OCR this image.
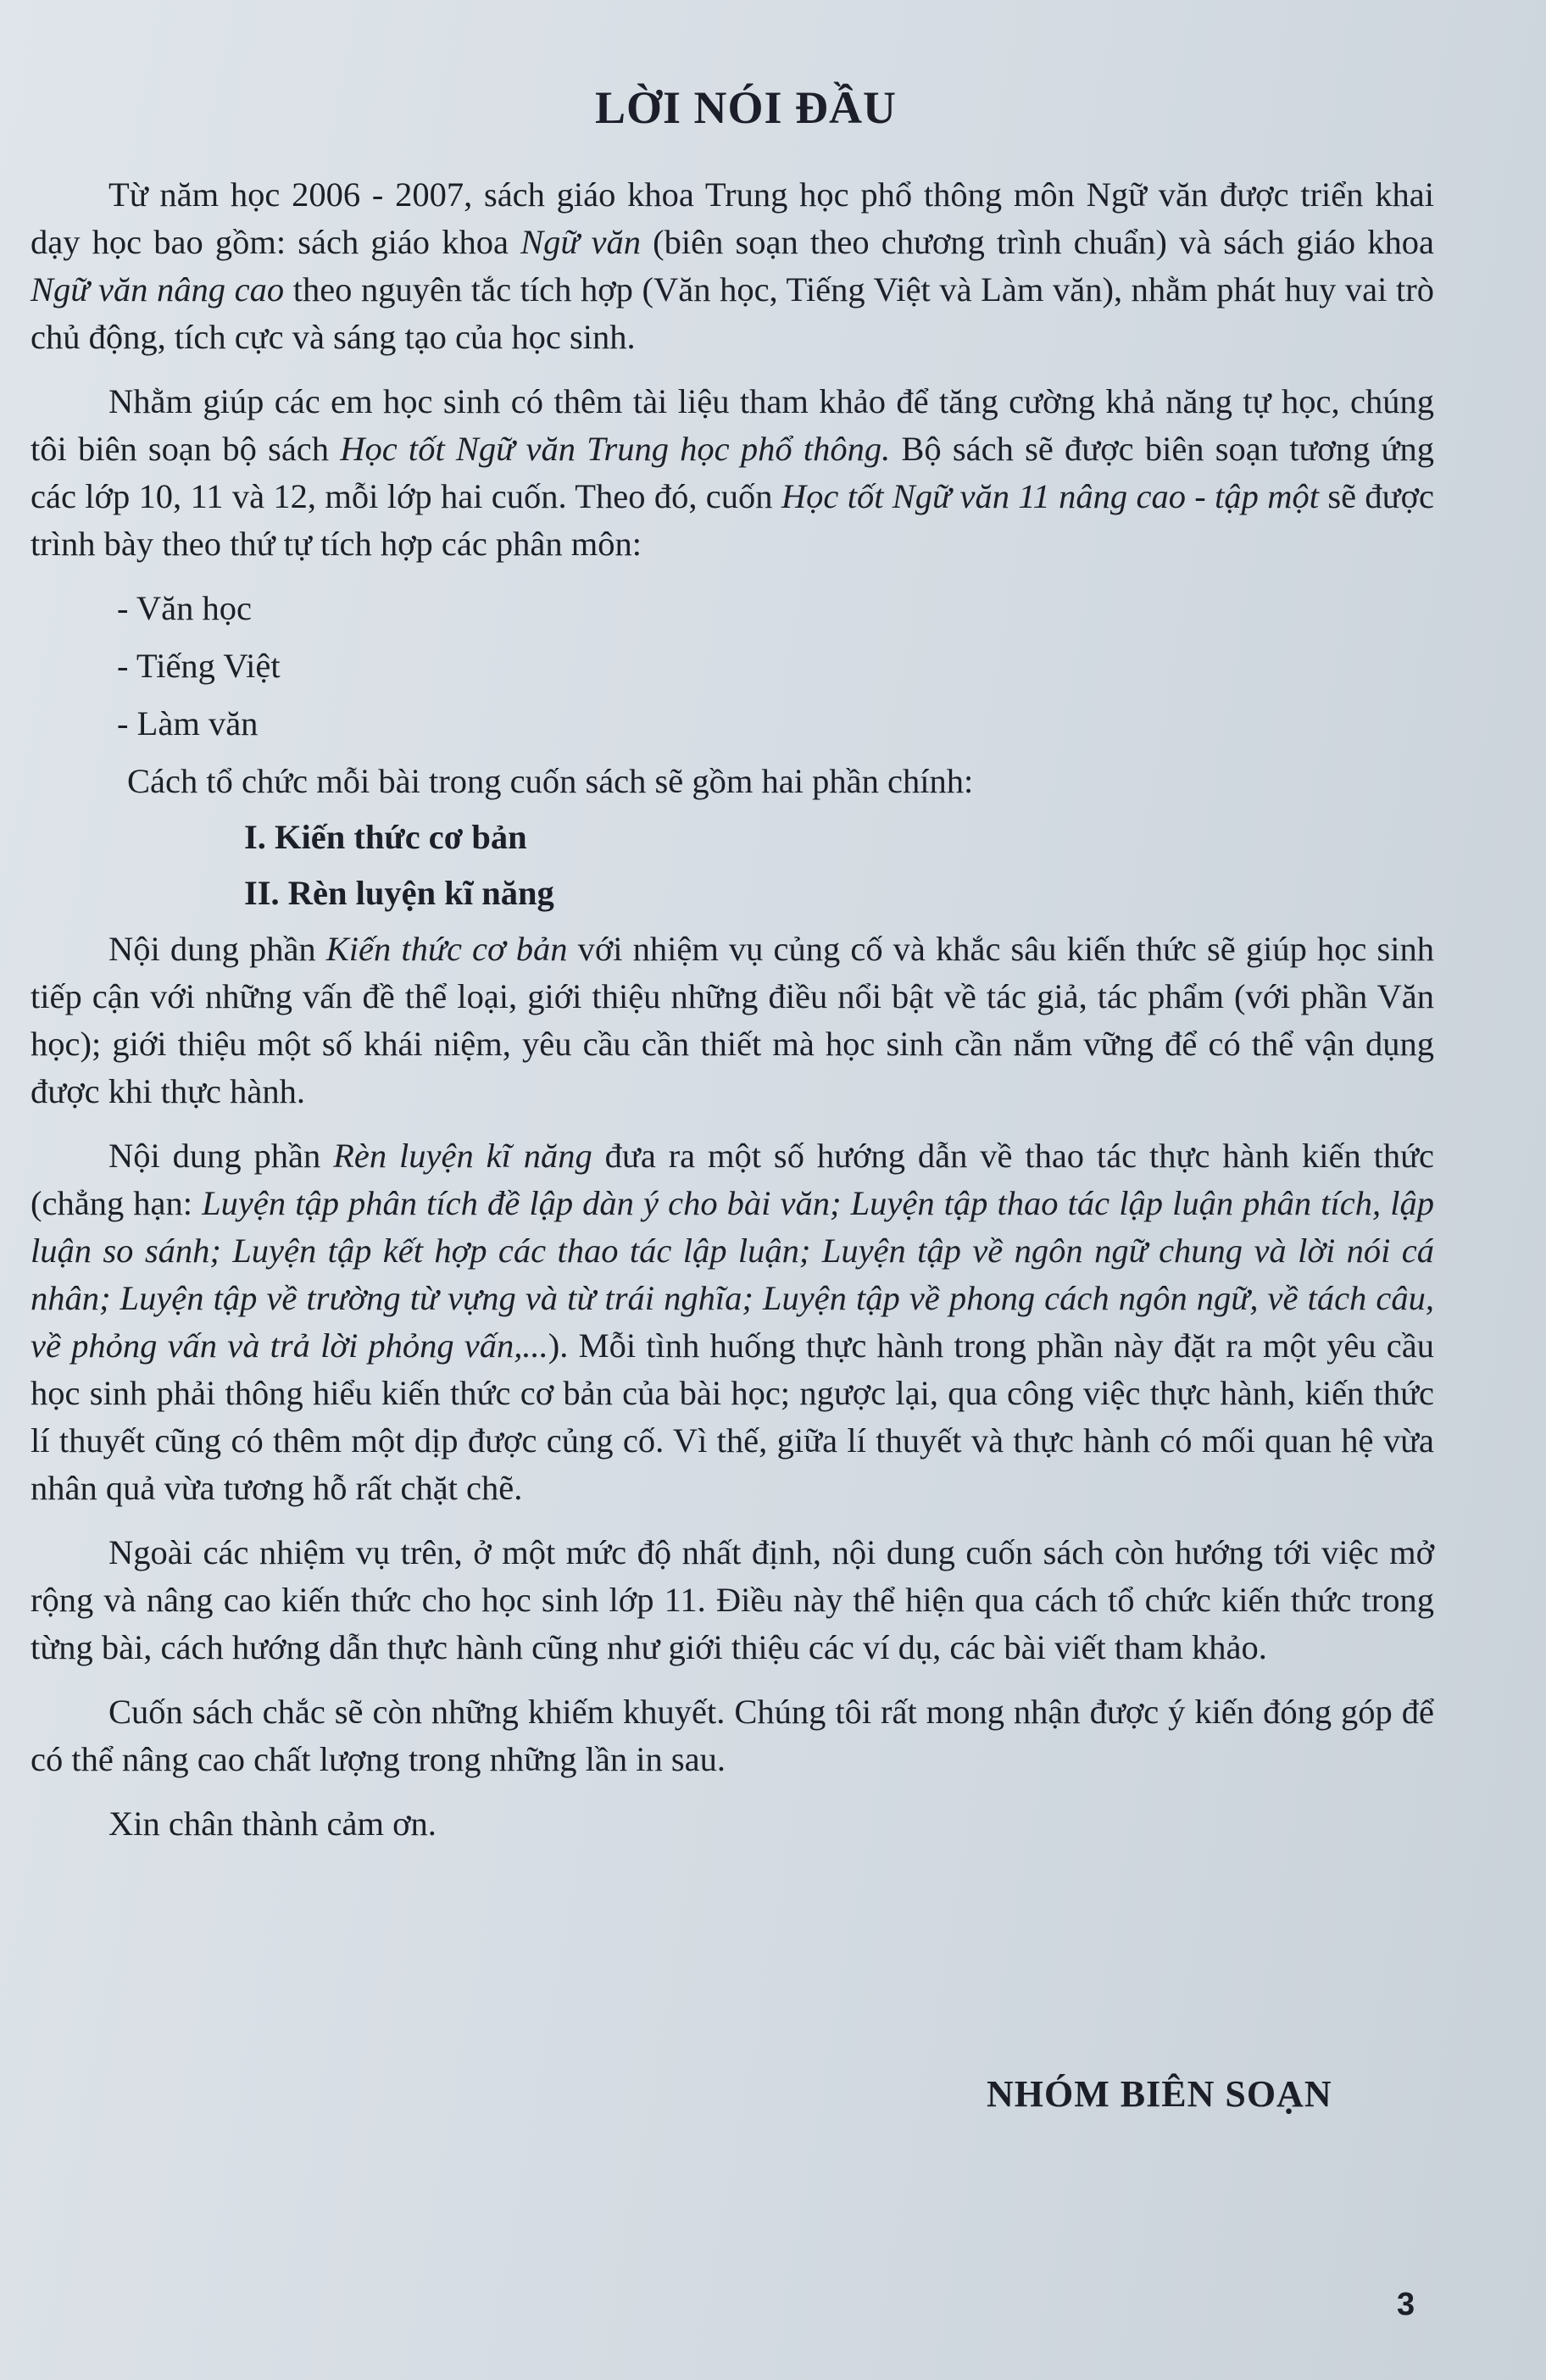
LỜI NÓI ĐẦU

Từ năm học 2006 - 2007, sách giáo khoa Trung học phổ thông môn Ngữ văn được triển khai dạy học bao gồm: sách giáo khoa Ngữ văn (biên soạn theo chương trình chuẩn) và sách giáo khoa Ngữ văn nâng cao theo nguyên tắc tích hợp (Văn học, Tiếng Việt và Làm văn), nhằm phát huy vai trò chủ động, tích cực và sáng tạo của học sinh.

Nhằm giúp các em học sinh có thêm tài liệu tham khảo để tăng cường khả năng tự học, chúng tôi biên soạn bộ sách Học tốt Ngữ văn Trung học phổ thông. Bộ sách sẽ được biên soạn tương ứng các lớp 10, 11 và 12, mỗi lớp hai cuốn. Theo đó, cuốn Học tốt Ngữ văn 11 nâng cao - tập một sẽ được trình bày theo thứ tự tích hợp các phân môn:

- Văn học
- Tiếng Việt
- Làm văn

Cách tổ chức mỗi bài trong cuốn sách sẽ gồm hai phần chính:

I. Kiến thức cơ bản

II. Rèn luyện kĩ năng

Nội dung phần Kiến thức cơ bản với nhiệm vụ củng cố và khắc sâu kiến thức sẽ giúp học sinh tiếp cận với những vấn đề thể loại, giới thiệu những điều nổi bật về tác giả, tác phẩm (với phần Văn học); giới thiệu một số khái niệm, yêu cầu cần thiết mà học sinh cần nắm vững để có thể vận dụng được khi thực hành.

Nội dung phần Rèn luyện kĩ năng đưa ra một số hướng dẫn về thao tác thực hành kiến thức (chẳng hạn: Luyện tập phân tích đề lập dàn ý cho bài văn; Luyện tập thao tác lập luận phân tích, lập luận so sánh; Luyện tập kết hợp các thao tác lập luận; Luyện tập về ngôn ngữ chung và lời nói cá nhân; Luyện tập về trường từ vựng và từ trái nghĩa; Luyện tập về phong cách ngôn ngữ, về tách câu, về phỏng vấn và trả lời phỏng vấn,...). Mỗi tình huống thực hành trong phần này đặt ra một yêu cầu học sinh phải thông hiểu kiến thức cơ bản của bài học; ngược lại, qua công việc thực hành, kiến thức lí thuyết cũng có thêm một dịp được củng cố. Vì thế, giữa lí thuyết và thực hành có mối quan hệ vừa nhân quả vừa tương hỗ rất chặt chẽ.

Ngoài các nhiệm vụ trên, ở một mức độ nhất định, nội dung cuốn sách còn hướng tới việc mở rộng và nâng cao kiến thức cho học sinh lớp 11. Điều này thể hiện qua cách tổ chức kiến thức trong từng bài, cách hướng dẫn thực hành cũng như giới thiệu các ví dụ, các bài viết tham khảo.

Cuốn sách chắc sẽ còn những khiếm khuyết. Chúng tôi rất mong nhận được ý kiến đóng góp để có thể nâng cao chất lượng trong những lần in sau.

Xin chân thành cảm ơn.

NHÓM BIÊN SOẠN
3
